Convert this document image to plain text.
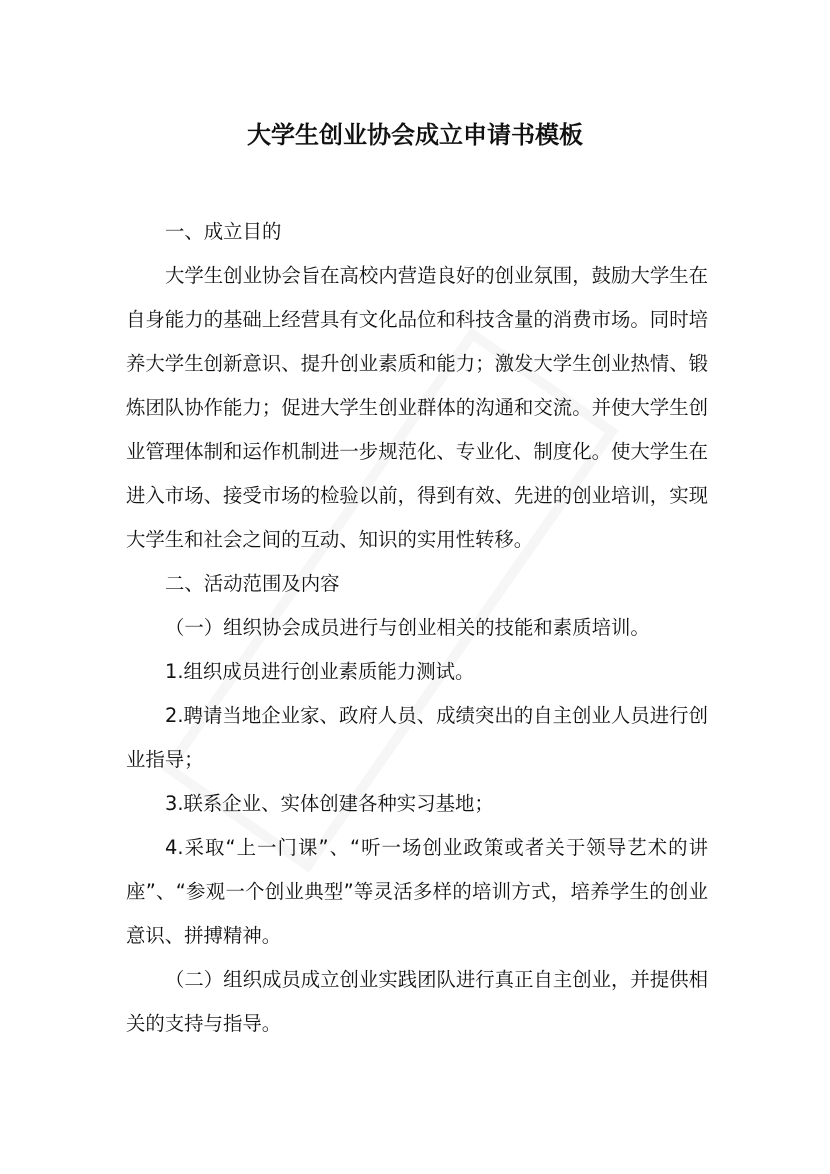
大学生创业协会成立申请书模板

一、成立目的

大学生创业协会旨在高校内营造良好的创业氛围，鼓励大学生在自身能力的基础上经营具有文化品位和科技含量的消费市场。同时培养大学生创新意识、提升创业素质和能力；激发大学生创业热情、锻炼团队协作能力；促进大学生创业群体的沟通和交流。并使大学生创业管理体制和运作机制进一步规范化、专业化、制度化。使大学生在进入市场、接受市场的检验以前，得到有效、先进的创业培训，实现大学生和社会之间的互动、知识的实用性转移。

二、活动范围及内容

（一）组织协会成员进行与创业相关的技能和素质培训。

1.组织成员进行创业素质能力测试。

2.聘请当地企业家、政府人员、成绩突出的自主创业人员进行创业指导；

3.联系企业、实体创建各种实习基地；

4.采取“上一门课”、“听一场创业政策或者关于领导艺术的讲座”、“参观一个创业典型”等灵活多样的培训方式，培养学生的创业意识、拼搏精神。

（二）组织成员成立创业实践团队进行真正自主创业，并提供相关的支持与指导。
